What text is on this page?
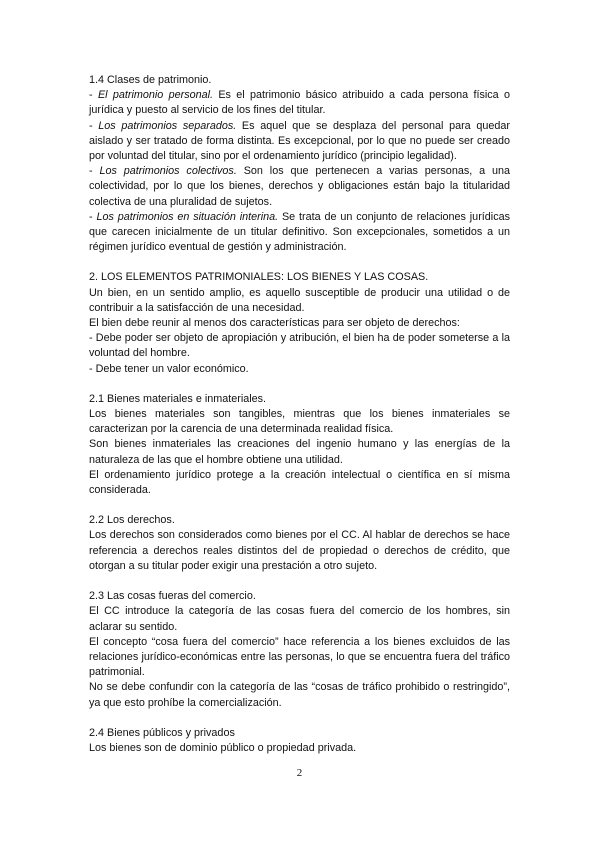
1.4 Clases de patrimonio.

- El patrimonio personal. Es el patrimonio básico atribuido a cada persona física o jurídica y puesto al servicio de los fines del titular.

- Los patrimonios separados. Es aquel que se desplaza del personal para quedar aislado y ser tratado de forma distinta. Es excepcional, por lo que no puede ser creado por voluntad del titular, sino por el ordenamiento jurídico (principio legalidad).

- Los patrimonios colectivos. Son los que pertenecen a varias personas, a una colectividad, por lo que los bienes, derechos y obligaciones están bajo la titularidad colectiva de una pluralidad de sujetos.

- Los patrimonios en situación interina. Se trata de un conjunto de relaciones jurídicas que carecen inicialmente de un titular definitivo. Son excepcionales, sometidos a un régimen jurídico eventual de gestión y administración.

2. LOS ELEMENTOS PATRIMONIALES: LOS BIENES Y LAS COSAS.

Un bien, en un sentido amplio, es aquello susceptible de producir una utilidad o de contribuir a la satisfacción de una necesidad.

El bien debe reunir al menos dos características para ser objeto de derechos:

- Debe poder ser objeto de apropiación y atribución, el bien ha de poder someterse a la voluntad del hombre.

- Debe tener un valor económico.

2.1 Bienes materiales e inmateriales.

Los bienes materiales son tangibles, mientras que los bienes inmateriales se caracterizan por la carencia de una determinada realidad física.

Son bienes inmateriales las creaciones del ingenio humano y las energías de la naturaleza de las que el hombre obtiene una utilidad.

El ordenamiento jurídico protege a la creación intelectual o científica en sí misma considerada.

2.2 Los derechos.

Los derechos son considerados como bienes por el CC. Al hablar de derechos se hace referencia a derechos reales distintos del de propiedad o derechos de crédito, que otorgan a su titular poder exigir una prestación a otro sujeto.

2.3 Las cosas fueras del comercio.

El CC introduce la categoría de las cosas fuera del comercio de los hombres, sin aclarar su sentido.

El concepto “cosa fuera del comercio” hace referencia a los bienes excluidos de las relaciones jurídico-económicas entre las personas, lo que se encuentra fuera del tráfico patrimonial.

No se debe confundir con la categoría de las “cosas de tráfico prohibido o restringido”, ya que esto prohíbe la comercialización.

2.4 Bienes públicos y privados

Los bienes son de dominio público o propiedad privada.

2
